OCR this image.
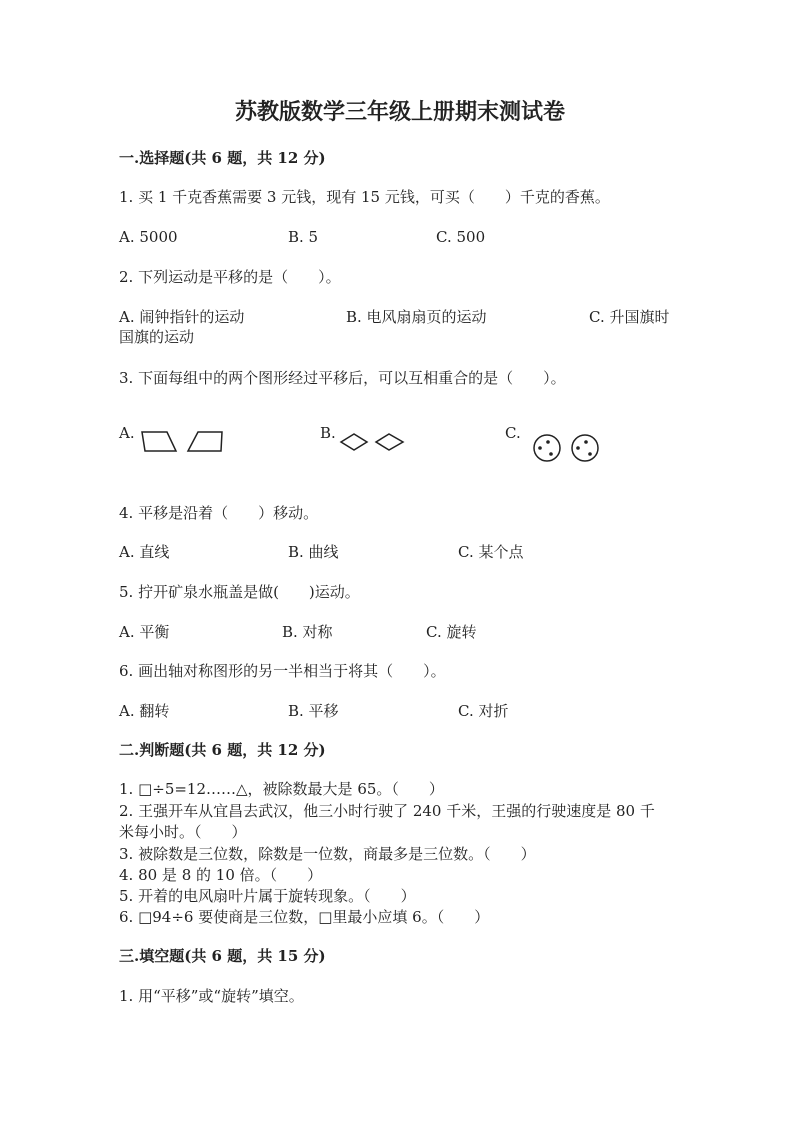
苏教版数学三年级上册期末测试卷
一.选择题(共 6 题，共 12 分)
1. 买 1 千克香蕉需要 3 元钱，现有 15 元钱，可买（　　）千克的香蕉。
A. 5000	B. 5	C. 500
2. 下列运动是平移的是（　　）。
A. 闹钟指针的运动	B. 电风扇扇页的运动	C. 升国旗时
国旗的运动
3. 下面每组中的两个图形经过平移后，可以互相重合的是（　　）。
A.	B.	C.
4. 平移是沿着（　　）移动。
A. 直线	B. 曲线	C. 某个点
5. 拧开矿泉水瓶盖是做(　　)运动。
A. 平衡	B. 对称	C. 旋转
6. 画出轴对称图形的另一半相当于将其（　　）。
A. 翻转	B. 平移	C. 对折
二.判断题(共 6 题，共 12 分)
1. □÷5=12……△，被除数最大是 65。（　　）
2. 王强开车从宜昌去武汉，他三小时行驶了 240 千米，王强的行驶速度是 80 千
米每小时。（　　）
3. 被除数是三位数，除数是一位数，商最多是三位数。（　　）
4. 80 是 8 的 10 倍。（　　）
5. 开着的电风扇叶片属于旋转现象。（　　）
6. □94÷6 要使商是三位数，□里最小应填 6。（　　）
三.填空题(共 6 题，共 15 分)
1. 用“平移”或“旋转”填空。
